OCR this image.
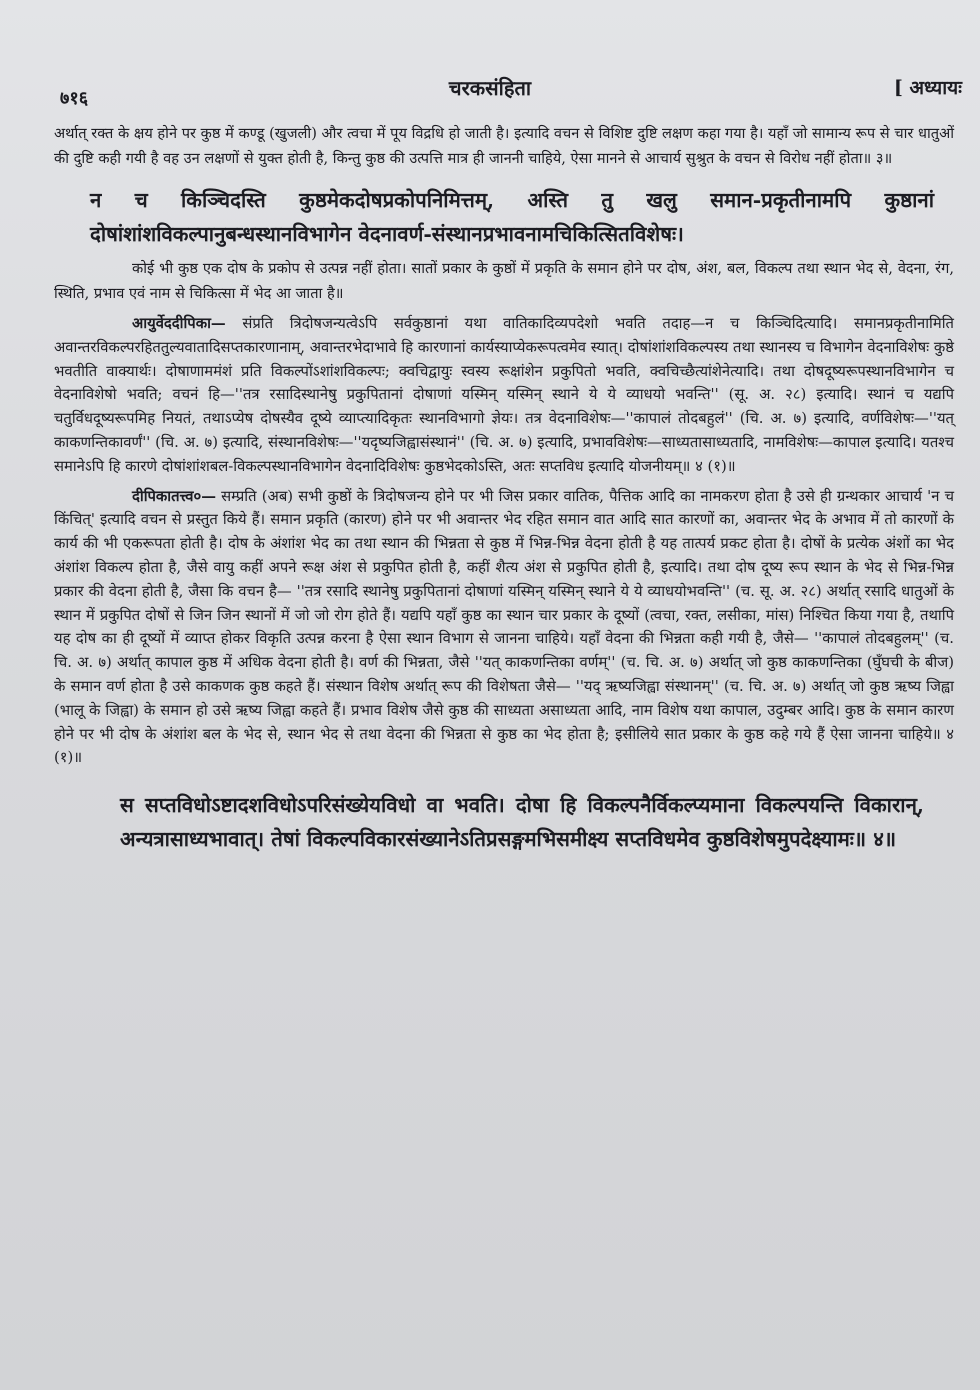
७१६	चरकसंहिता	[ अध्यायः

अर्थात् रक्त के क्षय होने पर कुष्ठ में कण्डू (खुजली) और त्वचा में पूय विद्रधि हो जाती है। इत्यादि वचन से विशिष्ट दुष्टि लक्षण कहा गया है। यहाँ जो सामान्य रूप से चार धातुओं की दुष्टि कही गयी है वह उन लक्षणों से युक्त होती है, किन्तु कुष्ठ की उत्पत्ति मात्र ही जाननी चाहिये, ऐसा मानने से आचार्य सुश्रुत के वचन से विरोध नहीं होता॥ ३॥

न च किञ्चिदस्ति कुष्ठमेकदोषप्रकोपनिमित्तम्, अस्ति तु खलु समान-प्रकृतीनामपि कुष्ठानां दोषांशांशविकल्पानुबन्धस्थानविभागेन वेदनावर्ण-संस्थानप्रभावनामचिकित्सितविशेषः।

कोई भी कुष्ठ एक दोष के प्रकोप से उत्पन्न नहीं होता। सातों प्रकार के कुष्ठों में प्रकृति के समान होने पर दोष, अंश, बल, विकल्प तथा स्थान भेद से, वेदना, रंग, स्थिति, प्रभाव एवं नाम से चिकित्सा में भेद आ जाता है॥

आयुर्वेददीपिका— संप्रति त्रिदोषजन्यत्वेऽपि सर्वकुष्ठानां यथा वातिकादिव्यपदेशो भवति तदाह—न च किञ्चिदित्यादि। समानप्रकृतीनामिति अवान्तरविकल्परहिततुल्यवातादिसप्तकारणानाम्, अवान्तरभेदाभावे हि कारणानां कार्यस्याप्येकरूपत्वमेव स्यात्। दोषांशांशविकल्पस्य तथा स्थानस्य च विभागेन वेदनाविशेषः कुष्ठे भवतीति वाक्यार्थः। दोषाणाममंशं प्रति विकल्पोंऽशांशविकल्पः; क्वचिद्वायुः स्वस्य रूक्षांशेन प्रकुपितो भवति, क्वचिच्छैत्यांशेनेत्यादि। तथा दोषदूष्यरूपस्थानविभागेन च वेदनाविशेषो भवति; वचनं हि—''तत्र रसादिस्थानेषु प्रकुपितानां दोषाणां यस्मिन् यस्मिन् स्थाने ये ये व्याधयो भवन्ति'' (सू. अ. २८) इत्यादि। स्थानं च यद्यपि चतुर्विधदूष्यरूपमिह नियतं, तथाऽप्येष दोषस्यैव दूष्ये व्याप्त्यादिकृतः स्थानविभागो ज्ञेयः। तत्र वेदनाविशेषः—''कापालं तोदबहुलं'' (चि. अ. ७) इत्यादि, वर्णविशेषः—''यत् काकणन्तिकावर्णं'' (चि. अ. ७) इत्यादि, संस्थानविशेषः—''यदृष्यजिह्वासंस्थानं'' (चि. अ. ७) इत्यादि, प्रभावविशेषः—साध्यतासाध्यतादि, नामविशेषः—कापाल इत्यादि। यतश्च समानेऽपि हि कारणे दोषांशांशबल-विकल्पस्थानविभागेन वेदनादिविशेषः कुष्ठभेदकोऽस्ति, अतः सप्तविध इत्यादि योजनीयम्॥ ४ (१)॥

दीपिकातत्त्व०— सम्प्रति (अब) सभी कुष्ठों के त्रिदोषजन्य होने पर भी जिस प्रकार वातिक, पैत्तिक आदि का नामकरण होता है उसे ही ग्रन्थकार आचार्य 'न च किंचित्' इत्यादि वचन से प्रस्तुत किये हैं। समान प्रकृति (कारण) होने पर भी अवान्तर भेद रहित समान वात आदि सात कारणों का, अवान्तर भेद के अभाव में तो कारणों के कार्य की भी एकरूपता होती है। दोष के अंशांश भेद का तथा स्थान की भिन्नता से कुष्ठ में भिन्न-भिन्न वेदना होती है यह तात्पर्य प्रकट होता है। दोषों के प्रत्येक अंशों का भेद अंशांश विकल्प होता है, जैसे वायु कहीं अपने रूक्ष अंश से प्रकुपित होती है, कहीं शैत्य अंश से प्रकुपित होती है, इत्यादि। तथा दोष दूष्य रूप स्थान के भेद से भिन्न-भिन्न प्रकार की वेदना होती है, जैसा कि वचन है— ''तत्र रसादि स्थानेषु प्रकुपितानां दोषाणां यस्मिन् यस्मिन् स्थाने ये ये व्याधयोभवन्ति'' (च. सू. अ. २८) अर्थात् रसादि धातुओं के स्थान में प्रकुपित दोषों से जिन जिन स्थानों में जो जो रोग होते हैं। यद्यपि यहाँ कुष्ठ का स्थान चार प्रकार के दूष्यों (त्वचा, रक्त, लसीका, मांस) निश्चित किया गया है, तथापि यह दोष का ही दूष्यों में व्याप्त होकर विकृति उत्पन्न करना है ऐसा स्थान विभाग से जानना चाहिये। यहाँ वेदना की भिन्नता कही गयी है, जैसे— ''कापालं तोदबहुलम्'' (च. चि. अ. ७) अर्थात् कापाल कुष्ठ में अधिक वेदना होती है। वर्ण की भिन्नता, जैसे ''यत् काकणन्तिका वर्णम्'' (च. चि. अ. ७) अर्थात् जो कुष्ठ काकणन्तिका (घुँघची के बीज) के समान वर्ण होता है उसे काकणक कुष्ठ कहते हैं। संस्थान विशेष अर्थात् रूप की विशेषता जैसे— ''यद् ऋष्यजिह्वा संस्थानम्'' (च. चि. अ. ७) अर्थात् जो कुष्ठ ऋष्य जिह्वा (भालू के जिह्वा) के समान हो उसे ऋष्य जिह्वा कहते हैं। प्रभाव विशेष जैसे कुष्ठ की साध्यता असाध्यता आदि, नाम विशेष यथा कापाल, उदुम्बर आदि। कुष्ठ के समान कारण होने पर भी दोष के अंशांश बल के भेद से, स्थान भेद से तथा वेदना की भिन्नता से कुष्ठ का भेद होता है; इसीलिये सात प्रकार के कुष्ठ कहे गये हैं ऐसा जानना चाहिये॥ ४ (१)॥

स सप्तविधोऽष्टादशविधोऽपरिसंख्येयविधो वा भवति। दोषा हि विकल्पनैर्विकल्प्यमाना विकल्पयन्ति विकारान्, अन्यत्रासाध्यभावात्। तेषां विकल्पविकारसंख्यानेऽतिप्रसङ्गमभिसमीक्ष्य सप्तविधमेव कुष्ठविशेषमुपदेक्ष्यामः॥ ४॥
